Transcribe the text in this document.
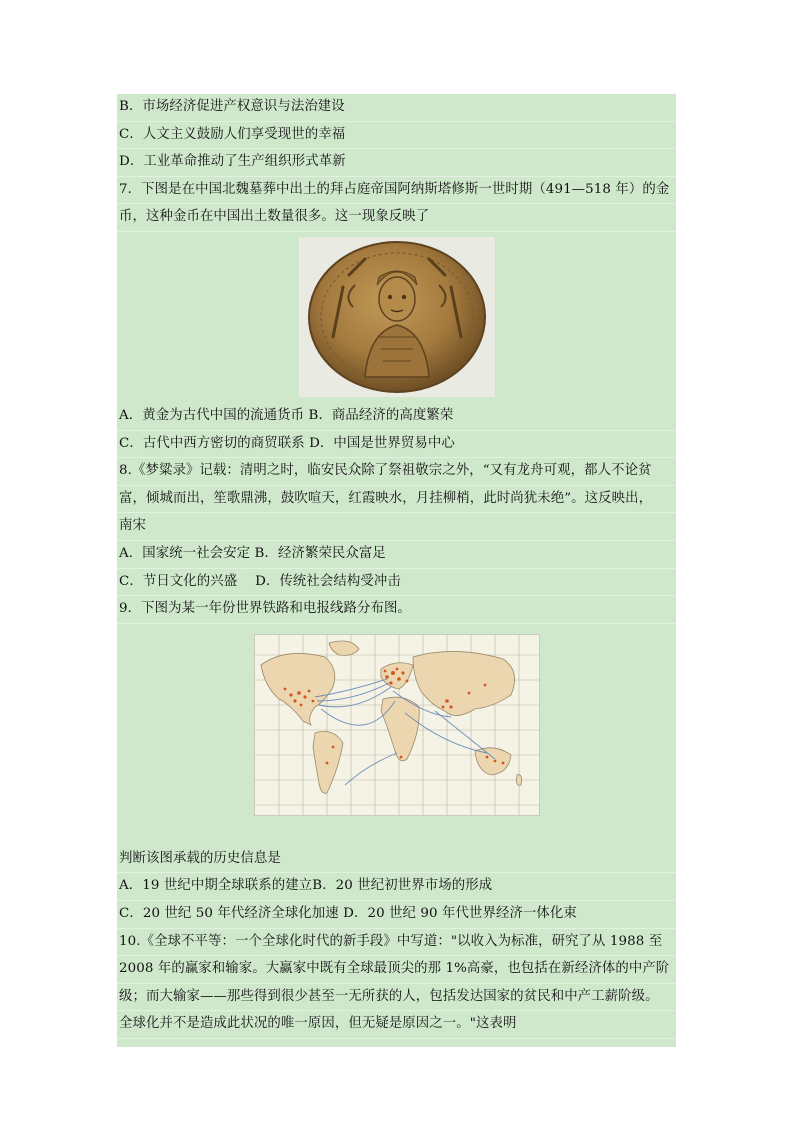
B．市场经济促进产权意识与法治建设
C．人文主义鼓励人们享受现世的幸福
D．工业革命推动了生产组织形式革新
7．下图是在中国北魏墓葬中出土的拜占庭帝国阿纳斯塔修斯一世时期（491—518 年）的金
币，这种金币在中国出土数量很多。这一现象反映了
A．黄金为古代中国的流通货币 B．商品经济的高度繁荣
C．古代中西方密切的商贸联系 D．中国是世界贸易中心
8.《梦粱录》记载：清明之时，临安民众除了祭祖敬宗之外，“又有龙舟可观，都人不论贫
富，倾城而出，笙歌鼎沸，鼓吹喧天，红霞映水，月挂柳梢，此时尚犹未绝”。这反映出，
南宋
A．国家统一社会安定 B．经济繁荣民众富足
C．节日文化的兴盛　 D．传统社会结构受冲击
9．下图为某一年份世界铁路和电报线路分布图。
判断该图承载的历史信息是
A．19 世纪中期全球联系的建立B．20 世纪初世界市场的形成
C．20 世纪 50 年代经济全球化加速 D．20 世纪 90 年代世界经济一体化束
10.《全球不平等：一个全球化时代的新手段》中写道："以收入为标准，研究了从 1988 至
2008 年的赢家和输家。大赢家中既有全球最顶尖的那 1%高豪，也包括在新经济体的中产阶
级；而大输家——那些得到很少甚至一无所获的人，包括发达国家的贫民和中产工薪阶级。
全球化并不是造成此状况的唯一原因，但无疑是原因之一。"这表明
